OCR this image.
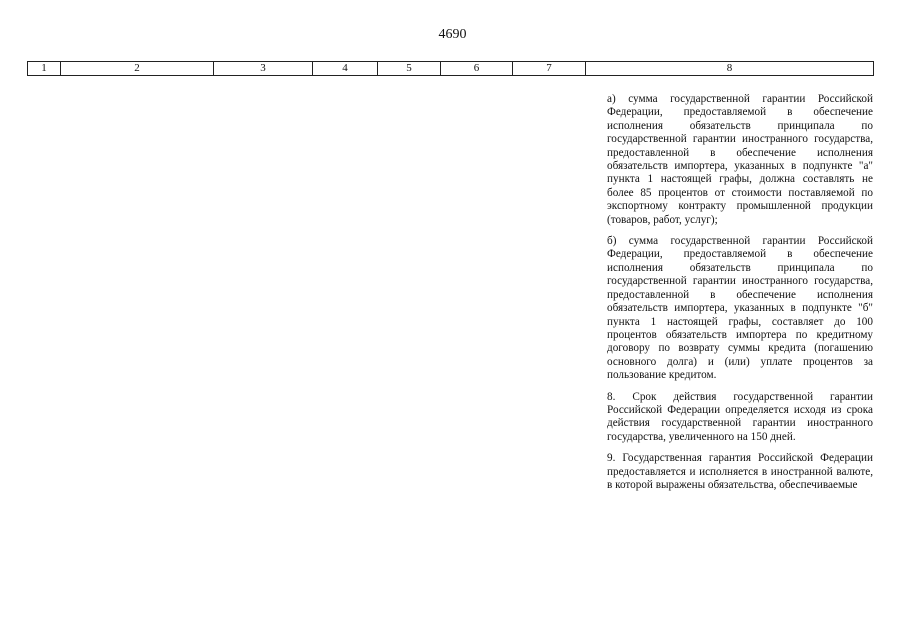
4690
1	2	3	4	5	6	7	8

а) сумма государственной гарантии Российской Федерации, предоставляемой в обеспечение исполнения обязательств принципала по государственной гарантии иностранного государства, предоставленной в обеспечение исполнения обязательств импортера, указанных в подпункте "а" пункта 1 настоящей графы, должна составлять не более 85 процентов от стоимости поставляемой по экспортному контракту промышленной продукции (товаров, работ, услуг);

б) сумма государственной гарантии Российской Федерации, предоставляемой в обеспечение исполнения обязательств принципала по государственной гарантии иностранного государства, предоставленной в обеспечение исполнения обязательств импортера, указанных в подпункте "б" пункта 1 настоящей графы, составляет до 100 процентов обязательств импортера по кредитному договору по возврату суммы кредита (погашению основного долга) и (или) уплате процентов за пользование кредитом.

8. Срок действия государственной гарантии Российской Федерации определяется исходя из срока действия государственной гарантии иностранного государства, увеличенного на 150 дней.

9. Государственная гарантия Российской Федерации предоставляется и исполняется в иностранной валюте, в которой выражены обязательства, обеспечиваемые
